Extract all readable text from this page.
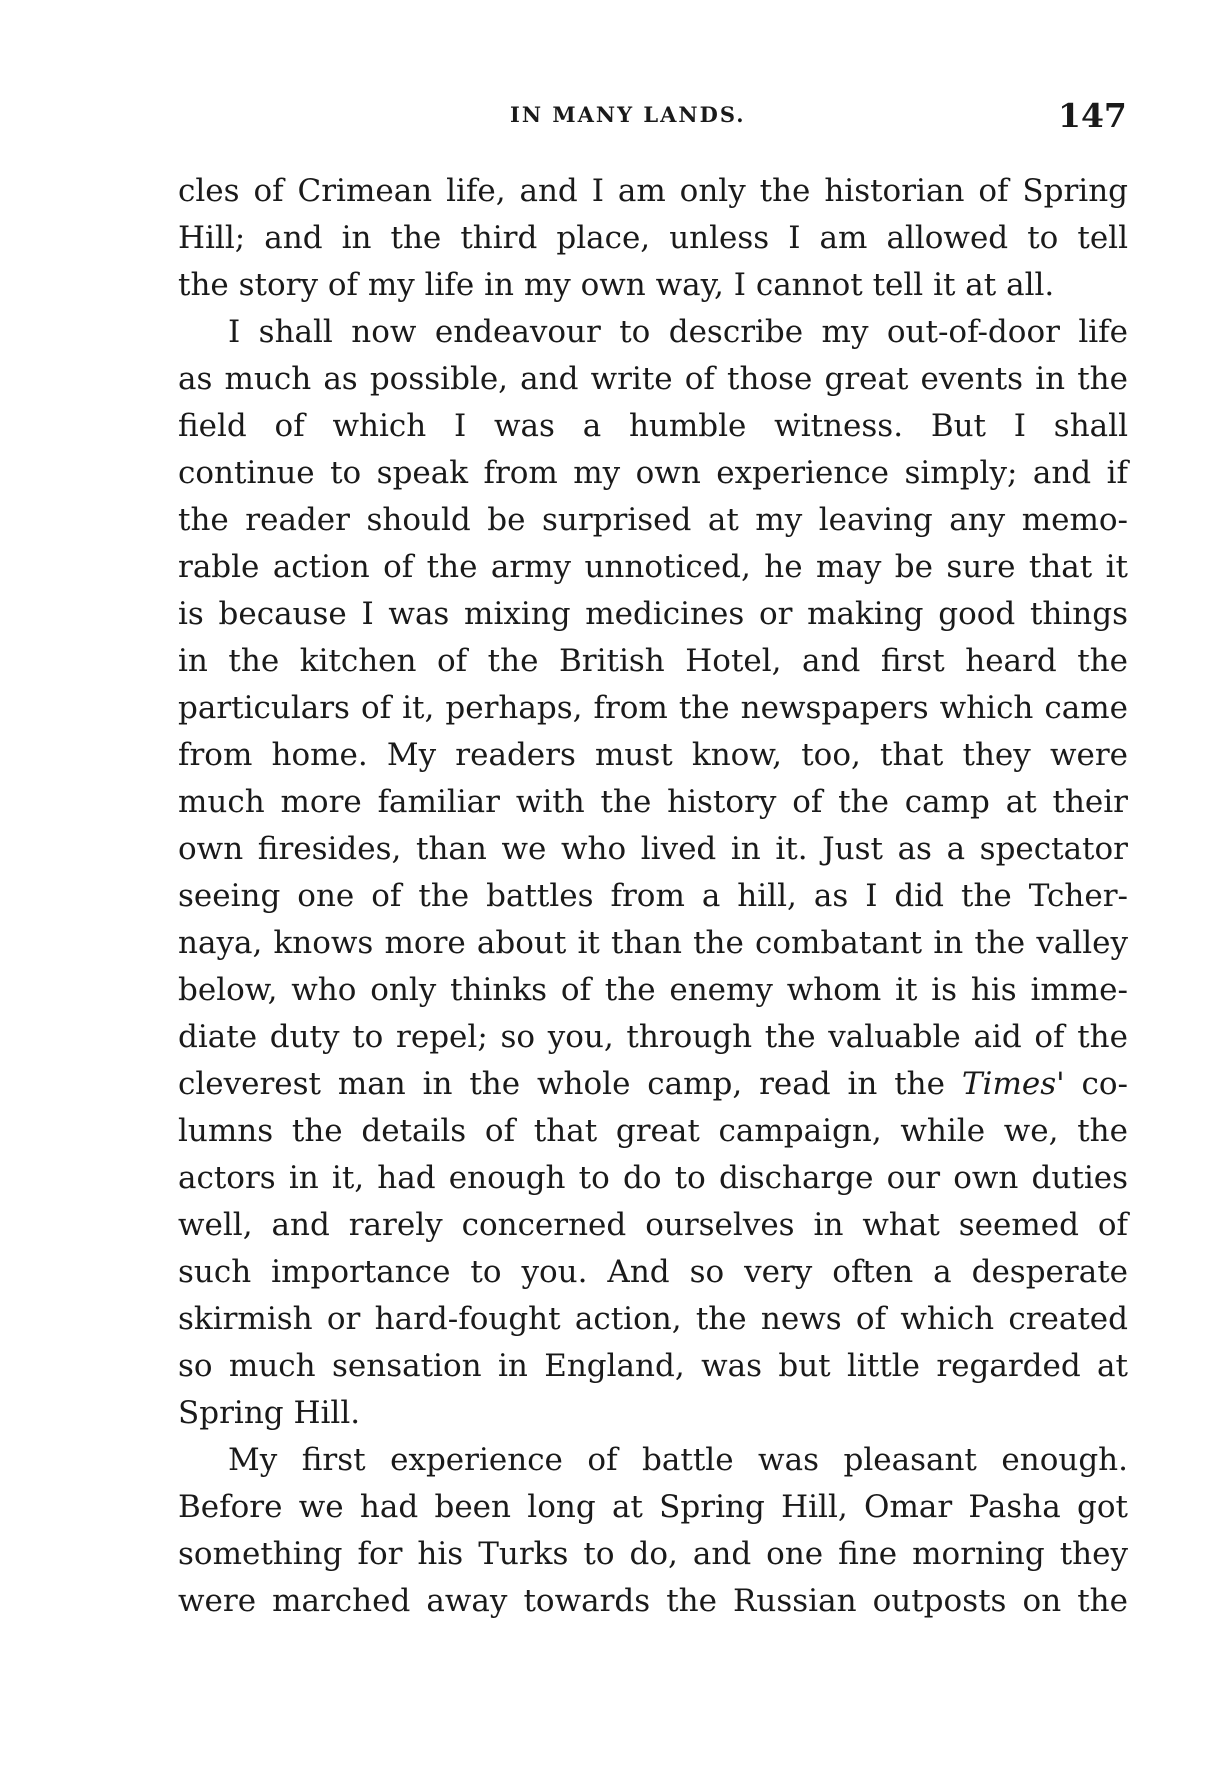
IN MANY LANDS.	147
cles of Crimean life, and I am only the historian of Spring
Hill; and in the third place, unless I am allowed to tell
the story of my life in my own way, I cannot tell it at all.
I shall now endeavour to describe my out-of-door life
as much as possible, and write of those great events in the
field of which I was a humble witness. But I shall
continue to speak from my own experience simply; and if
the reader should be surprised at my leaving any memo-
rable action of the army unnoticed, he may be sure that it
is because I was mixing medicines or making good things
in the kitchen of the British Hotel, and first heard the
particulars of it, perhaps, from the newspapers which came
from home. My readers must know, too, that they were
much more familiar with the history of the camp at their
own firesides, than we who lived in it. Just as a spectator
seeing one of the battles from a hill, as I did the Tcher-
naya, knows more about it than the combatant in the valley
below, who only thinks of the enemy whom it is his imme-
diate duty to repel; so you, through the valuable aid of the
cleverest man in the whole camp, read in the Times' co-
lumns the details of that great campaign, while we, the
actors in it, had enough to do to discharge our own duties
well, and rarely concerned ourselves in what seemed of
such importance to you. And so very often a desperate
skirmish or hard-fought action, the news of which created
so much sensation in England, was but little regarded at
Spring Hill.
My first experience of battle was pleasant enough.
Before we had been long at Spring Hill, Omar Pasha got
something for his Turks to do, and one fine morning they
were marched away towards the Russian outposts on the
